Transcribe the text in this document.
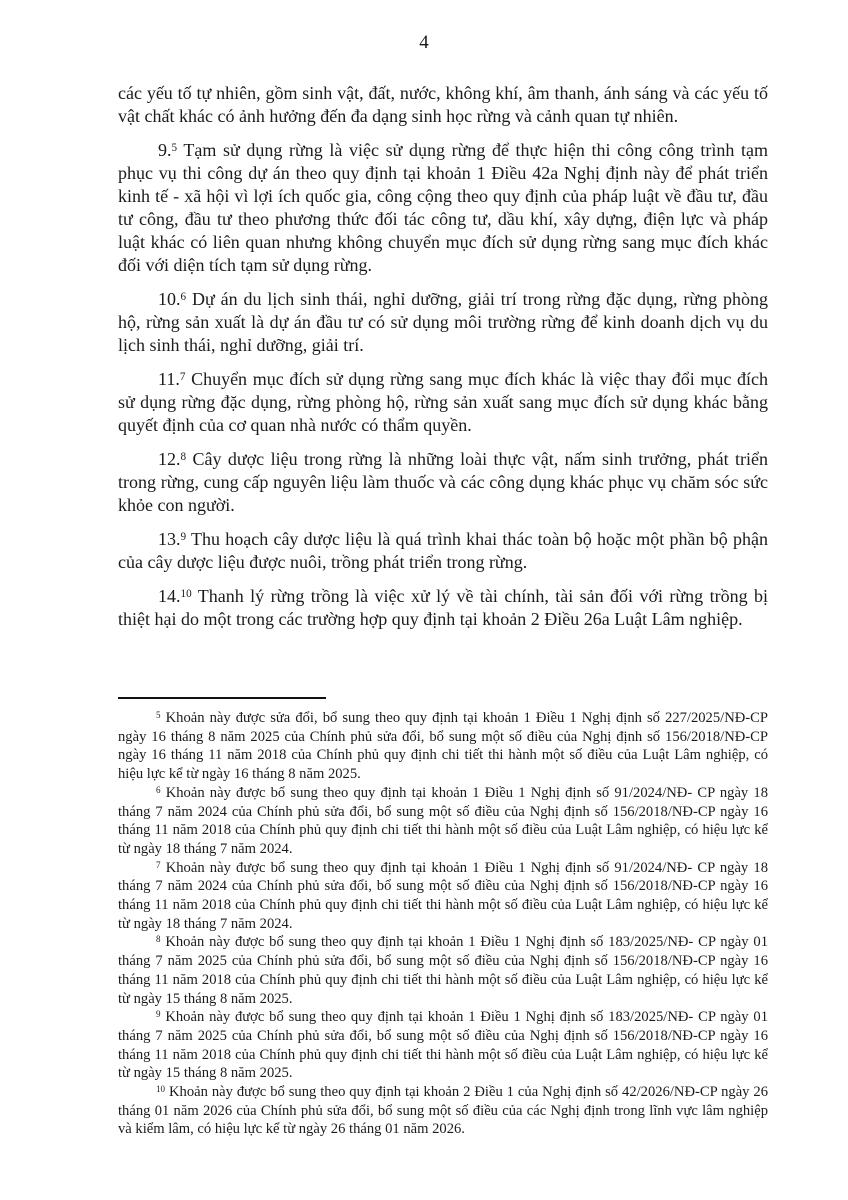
4

các yếu tố tự nhiên, gồm sinh vật, đất, nước, không khí, âm thanh, ánh sáng và các yếu tố vật chất khác có ảnh hưởng đến đa dạng sinh học rừng và cảnh quan tự nhiên.

9.$^5$ Tạm sử dụng rừng là việc sử dụng rừng để thực hiện thi công công trình tạm phục vụ thi công dự án theo quy định tại khoản 1 Điều 42a Nghị định này để phát triển kinh tế - xã hội vì lợi ích quốc gia, công cộng theo quy định của pháp luật về đầu tư, đầu tư công, đầu tư theo phương thức đối tác công tư, dầu khí, xây dựng, điện lực và pháp luật khác có liên quan nhưng không chuyển mục đích sử dụng rừng sang mục đích khác đối với diện tích tạm sử dụng rừng.

10.$^6$ Dự án du lịch sinh thái, nghỉ dưỡng, giải trí trong rừng đặc dụng, rừng phòng hộ, rừng sản xuất là dự án đầu tư có sử dụng môi trường rừng để kinh doanh dịch vụ du lịch sinh thái, nghỉ dưỡng, giải trí.

11.$^7$ Chuyển mục đích sử dụng rừng sang mục đích khác là việc thay đổi mục đích sử dụng rừng đặc dụng, rừng phòng hộ, rừng sản xuất sang mục đích sử dụng khác bằng quyết định của cơ quan nhà nước có thẩm quyền.

12.$^8$ Cây dược liệu trong rừng là những loài thực vật, nấm sinh trưởng, phát triển trong rừng, cung cấp nguyên liệu làm thuốc và các công dụng khác phục vụ chăm sóc sức khỏe con người.

13.$^9$ Thu hoạch cây dược liệu là quá trình khai thác toàn bộ hoặc một phần bộ phận của cây dược liệu được nuôi, trồng phát triển trong rừng.

14.10 Thanh lý rừng trồng là việc xử lý về tài chính, tài sản đối với rừng trồng bị thiệt hại do một trong các trường hợp quy định tại khoản 2 Điều 26a Luật Lâm nghiệp.

$^5$ Khoản này được sửa đổi, bổ sung theo quy định tại khoản 1 Điều 1 Nghị định số 227/2025/NĐ-CP ngày 16 tháng 8 năm 2025 của Chính phủ sửa đổi, bổ sung một số điều của Nghị định số 156/2018/NĐ-CP ngày 16 tháng 11 năm 2018 của Chính phủ quy định chi tiết thi hành một số điều của Luật Lâm nghiệp, có hiệu lực kể từ ngày 16 tháng 8 năm 2025.

$^6$ Khoản này được bổ sung theo quy định tại khoản 1 Điều 1 Nghị định số 91/2024/NĐ- CP ngày 18 tháng 7 năm 2024 của Chính phủ sửa đổi, bổ sung một số điều của Nghị định số 156/2018/NĐ-CP ngày 16 tháng 11 năm 2018 của Chính phủ quy định chi tiết thi hành một số điều của Luật Lâm nghiệp, có hiệu lực kể từ ngày 18 tháng 7 năm 2024.

$^7$ Khoản này được bổ sung theo quy định tại khoản 1 Điều 1 Nghị định số 91/2024/NĐ- CP ngày 18 tháng 7 năm 2024 của Chính phủ sửa đổi, bổ sung một số điều của Nghị định số 156/2018/NĐ-CP ngày 16 tháng 11 năm 2018 của Chính phủ quy định chi tiết thi hành một số điều của Luật Lâm nghiệp, có hiệu lực kể từ ngày 18 tháng 7 năm 2024.

$^8$ Khoản này được bổ sung theo quy định tại khoản 1 Điều 1 Nghị định số 183/2025/NĐ- CP ngày 01 tháng 7 năm 2025 của Chính phủ sửa đổi, bổ sung một số điều của Nghị định số 156/2018/NĐ-CP ngày 16 tháng 11 năm 2018 của Chính phủ quy định chi tiết thi hành một số điều của Luật Lâm nghiệp, có hiệu lực kể từ ngày 15 tháng 8 năm 2025.

$^9$ Khoản này được bổ sung theo quy định tại khoản 1 Điều 1 Nghị định số 183/2025/NĐ- CP ngày 01 tháng 7 năm 2025 của Chính phủ sửa đổi, bổ sung một số điều của Nghị định số 156/2018/NĐ-CP ngày 16 tháng 11 năm 2018 của Chính phủ quy định chi tiết thi hành một số điều của Luật Lâm nghiệp, có hiệu lực kể từ ngày 15 tháng 8 năm 2025.

$^{10}$ Khoản này được bổ sung theo quy định tại khoản 2 Điều 1 của Nghị định số 42/2026/NĐ-CP ngày 26 tháng 01 năm 2026 của Chính phủ sửa đổi, bổ sung một số điều của các Nghị định trong lĩnh vực lâm nghiệp và kiểm lâm, có hiệu lực kể từ ngày 26 tháng 01 năm 2026.
